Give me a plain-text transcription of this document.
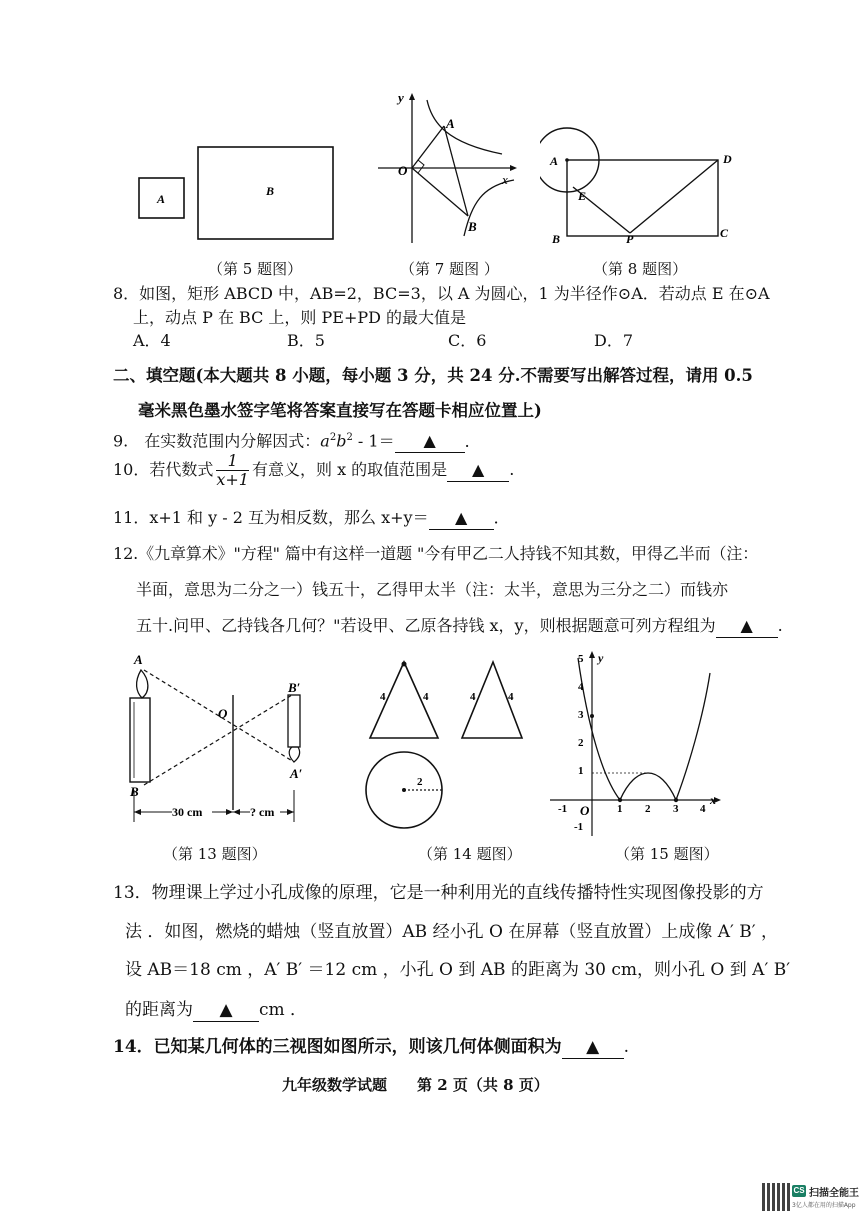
A
B
y
x
O
A
B
A	D
B	C
E
P
（第 5 题图）	（第 7 题图 ）	（第 8 题图）
8．如图，矩形 ABCD 中，AB=2，BC=3，以 A 为圆心，1 为半径作⊙A．若动点 E 在⊙A
上，动点 P 在 BC 上，则 PE+PD 的最大值是
A．4	B．5	C．6	D．7
二、填空题(本大题共 8 小题，每小题 3 分，共 24 分.不需要写出解答过程，请用 0.5
毫米黑色墨水签字笔将答案直接写在答题卡相应位置上)
9.　在实数范围内分解因式：$a^2b^2 - 1=$ ▲ ．
10．若代数式 $\frac{1}{x+1}$ 有意义，则 x 的取值范围是 ▲ .
11．x+1 和 y - 2 互为相反数，那么 x+y＝ ▲ ．
12.《九章算术》"方程" 篇中有这样一道题 "今有甲乙二人持钱不知其数，甲得乙半而（注：
半面，意思为二分之一）钱五十，乙得甲太半（注：太半，意思为三分之二）而钱亦
五十.问甲、乙持钱各几何？"若设甲、乙原各持钱 x，y，则根据题意可列方程组为 ▲ .
30 cm	? cm
A
B
B′
A′
O
4	4	4	4
2
5
4
3
2
1
-1
-1	1 2 3 4
O
x
y
（第 13 题图）	（第 14 题图）	（第 15 题图）
13．物理课上学过小孔成像的原理，它是一种利用光的直线传播特性实现图像投影的方
法 ．如图，燃烧的蜡烛（竖直放置）AB 经小孔 O 在屏幕（竖直放置）上成像 A′ B′ ，
设 AB＝18 cm ，A′ B′ ＝12 cm ，小孔 O 到 AB 的距离为 30 cm，则小孔 O 到 A′ B′
的距离为 ▲ cm ．
14．已知某几何体的三视图如图所示，则该几何体侧面积为 ▲ .
九年级数学试题　　第 2 页（共 8 页）
CS 扫描全能王
3亿人都在用的扫描App
